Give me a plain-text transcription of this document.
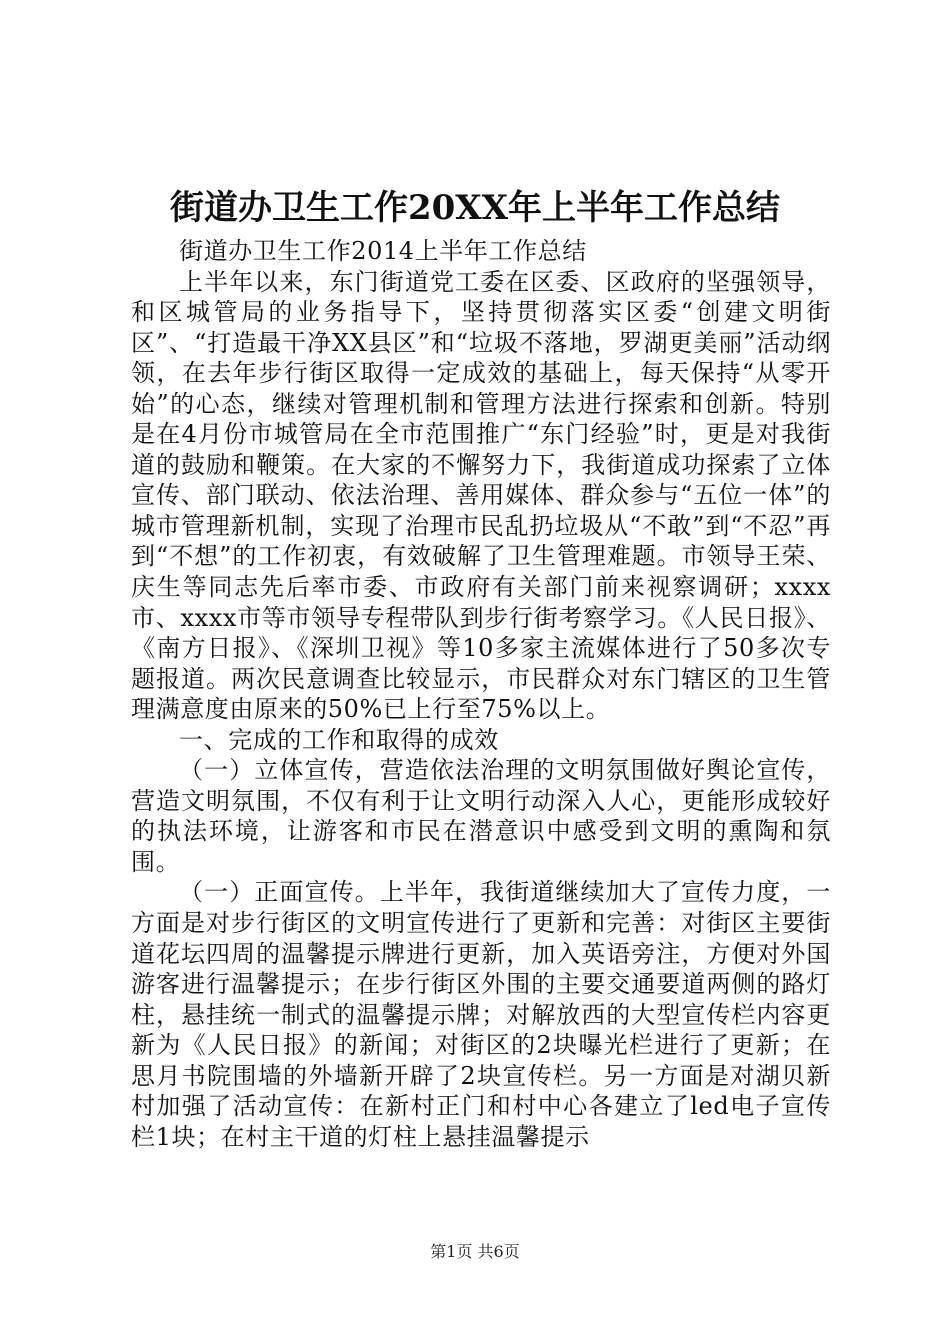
街道办卫生工作20XX年上半年工作总结

街道办卫生工作2014上半年工作总结

上半年以来，东门街道党工委在区委、区政府的坚强领导，和区城管局的业务指导下，坚持贯彻落实区委“创建文明街区”、“打造最干净XX县区”和“垃圾不落地，罗湖更美丽”活动纲领，在去年步行街区取得一定成效的基础上，每天保持“从零开始”的心态，继续对管理机制和管理方法进行探索和创新。特别是在4月份市城管局在全市范围推广“东门经验”时，更是对我街道的鼓励和鞭策。在大家的不懈努力下，我街道成功探索了立体宣传、部门联动、依法治理、善用媒体、群众参与“五位一体”的城市管理新机制，实现了治理市民乱扔垃圾从“不敢”到“不忍”再到“不想”的工作初衷，有效破解了卫生管理难题。市领导王荣、庆生等同志先后率市委、市政府有关部门前来视察调研；xxxx市、xxxx市等市领导专程带队到步行街考察学习。《人民日报》、《南方日报》、《深圳卫视》等10多家主流媒体进行了50多次专题报道。两次民意调查比较显示，市民群众对东门辖区的卫生管理满意度由原来的50%已上行至75%以上。

一、完成的工作和取得的成效

（一）立体宣传，营造依法治理的文明氛围做好舆论宣传，营造文明氛围，不仅有利于让文明行动深入人心，更能形成较好的执法环境，让游客和市民在潜意识中感受到文明的熏陶和氛围。

（一）正面宣传。上半年，我街道继续加大了宣传力度，一方面是对步行街区的文明宣传进行了更新和完善：对街区主要街道花坛四周的温馨提示牌进行更新，加入英语旁注，方便对外国游客进行温馨提示；在步行街区外围的主要交通要道两侧的路灯柱，悬挂统一制式的温馨提示牌；对解放西的大型宣传栏内容更新为《人民日报》的新闻；对街区的2块曝光栏进行了更新；在思月书院围墙的外墙新开辟了2块宣传栏。另一方面是对湖贝新村加强了活动宣传：在新村正门和村中心各建立了led电子宣传栏1块；在村主干道的灯柱上悬挂温馨提示

第1页 共6页
